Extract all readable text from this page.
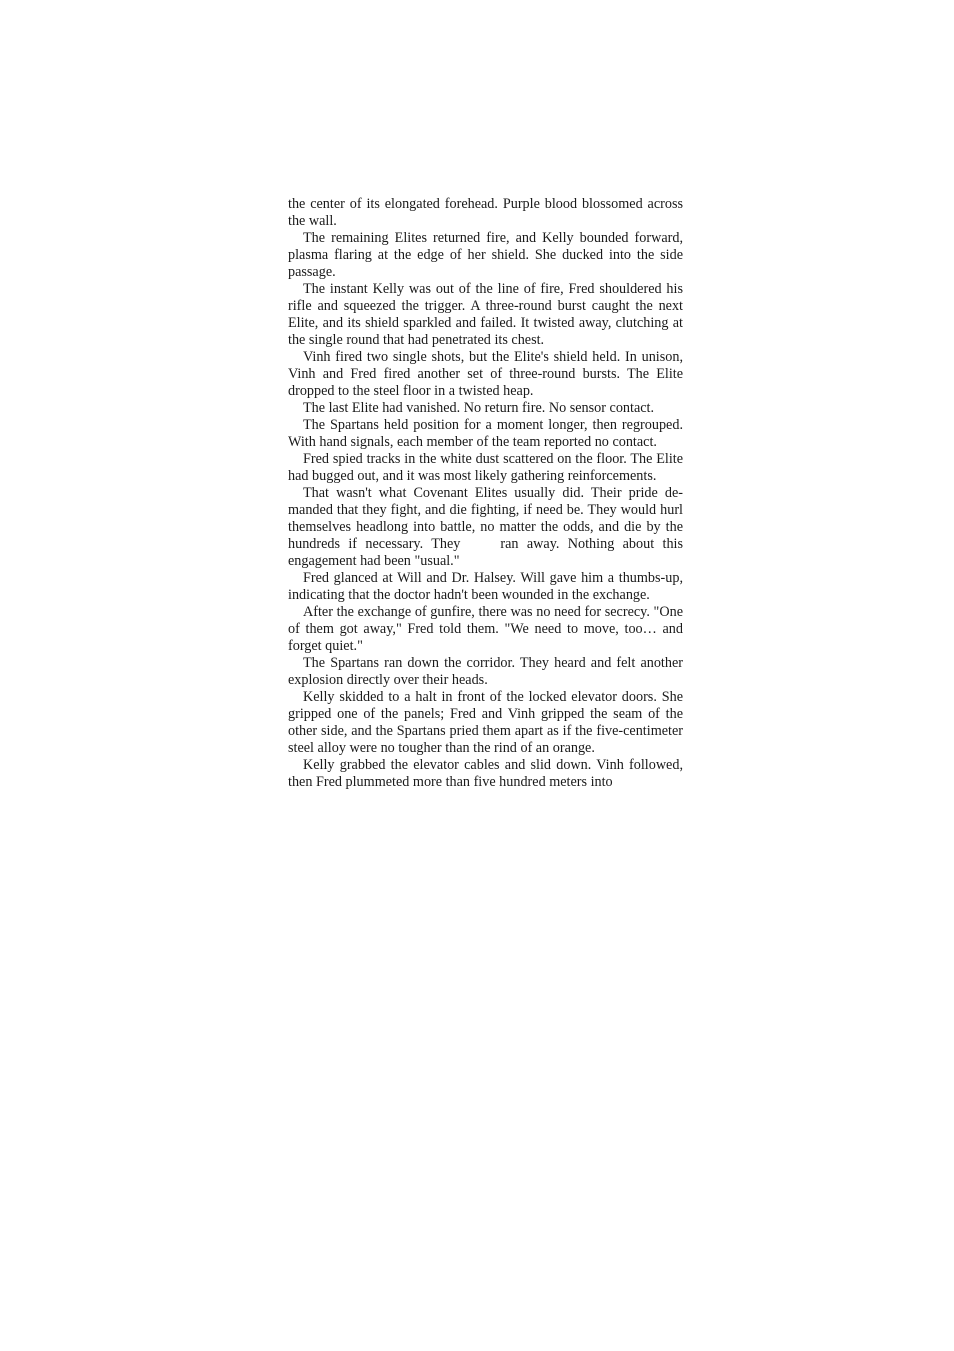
the center of its elongated forehead. Purple blood blossomed across the wall.

The remaining Elites returned fire, and Kelly bounded forward, plasma flaring at the edge of her shield. She ducked into the side passage.

The instant Kelly was out of the line of fire, Fred shouldered his rifle and squeezed the trigger. A three-round burst caught the next Elite, and its shield sparkled and failed. It twisted away, clutching at the single round that had penetrated its chest.

Vinh fired two single shots, but the Elite's shield held. In unison, Vinh and Fred fired another set of three-round bursts. The Elite dropped to the steel floor in a twisted heap.

The last Elite had vanished. No return fire. No sensor contact.

The Spartans held position for a moment longer, then regrouped. With hand signals, each member of the team reported no contact.

Fred spied tracks in the white dust scattered on the floor. The Elite had bugged out, and it was most likely gathering reinforcements.

That wasn't what Covenant Elites usually did. Their pride demanded that they fight, and die fighting, if need be. They would hurl themselves headlong into battle, no matter the odds, and die by the hundreds if necessary. They	ran away. Nothing about this engagement had been "usual."

Fred glanced at Will and Dr. Halsey. Will gave him a thumbs-up, indicating that the doctor hadn't been wounded in the exchange.

After the exchange of gunfire, there was no need for secrecy. "One of them got away," Fred told them. "We need to move, too… and forget quiet."

The Spartans ran down the corridor. They heard and felt another explosion directly over their heads.

Kelly skidded to a halt in front of the locked elevator doors. She gripped one of the panels; Fred and Vinh gripped the seam of the other side, and the Spartans pried them apart as if the five-centimeter steel alloy were no tougher than the rind of an orange.

Kelly grabbed the elevator cables and slid down. Vinh followed, then Fred plummeted more than five hundred meters into
